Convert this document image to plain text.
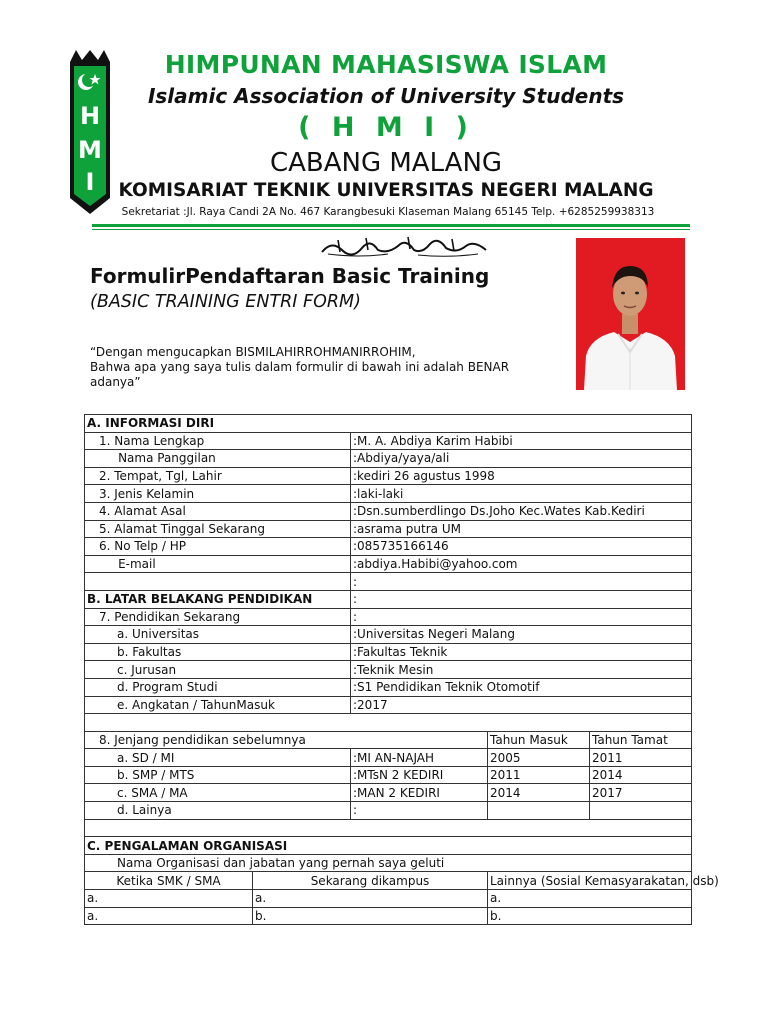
H
M
I
HIMPUNAN MAHASISWA ISLAM
Islamic Association of University Students
( H M I )
CABANG MALANG
KOMISARIAT TEKNIK UNIVERSITAS NEGERI MALANG
Sekretariat :Jl. Raya Candi 2A No. 467 Karangbesuki Klaseman Malang 65145 Telp. +6285259938313
FormulirPendaftaran Basic Training
(BASIC TRAINING ENTRI FORM)
“Dengan mengucapkan BISMILAHIRROHMANIRROHIM,
Bahwa apa yang saya tulis dalam formulir di bawah ini adalah BENAR
adanya”
A. INFORMASI DIRI				
1. Nama Lengkap		:M. A. Abdiya Karim Habibi		
Nama Panggilan		:Abdiya/yaya/ali		
2. Tempat, Tgl, Lahir		:kediri 26 agustus 1998		
3. Jenis Kelamin		:laki-laki		
4. Alamat Asal		:Dsn.sumberdlingo Ds.Joho Kec.Wates Kab.Kediri		
5. Alamat Tinggal Sekarang		:asrama putra UM		
6. No Telp / HP		:085735166146		
E-mail		:abdiya.Habibi@yahoo.com		
		:		
B. LATAR BELAKANG PENDIDIKAN		:		
7. Pendidikan Sekarang		:		
a. Universitas		:Universitas Negeri Malang		
b. Fakultas		:Fakultas Teknik		
c. Jurusan		:Teknik Mesin		
d. Program Studi		:S1 Pendidikan Teknik Otomotif		
e. Angkatan / TahunMasuk		:2017		

8. Jenjang pendidikan sebelumnya			Tahun Masuk	Tahun Tamat
a. SD / MI		:MI AN-NAJAH	2005	2011
b. SMP / MTS		:MTsN 2 KEDIRI	2011	2014
c. SMA / MA		:MAN 2 KEDIRI	2014	2017
d. Lainya		:		

C. PENGALAMAN ORGANISASI				
Nama Organisasi dan jabatan yang pernah saya geluti				
Ketika SMK / SMA	Sekarang dikampus		Lainnya (Sosial Kemasyarakatan, dsb)	
a.	a.		a.	
a.	b.		b.	
